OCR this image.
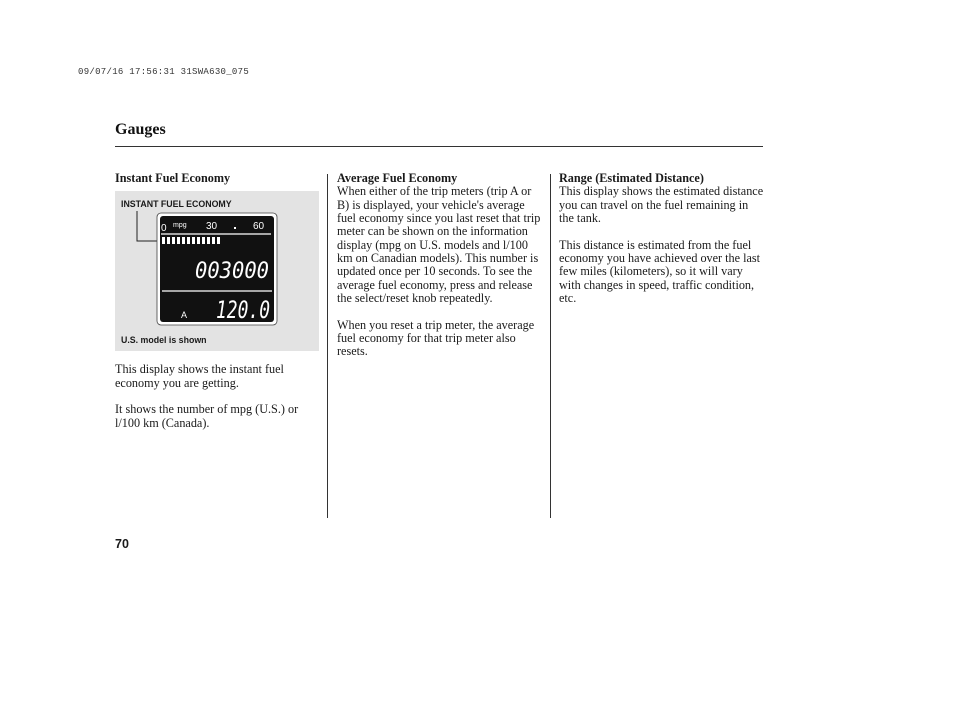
09/07/16 17:56:31 31SWA630_075
Gauges
Instant Fuel Economy
INSTANT FUEL ECONOMY
0 mpg 30	60
003000
A 120.0
U.S. model is shown

This display shows the instant fuel economy you are getting.

It shows the number of mpg (U.S.) or l/100 km (Canada).

Average Fuel Economy

When either of the trip meters (trip A or B) is displayed, your vehicle's average fuel economy since you last reset that trip meter can be shown on the information display (mpg on U.S. models and l/100 km on Canadian models). This number is updated once per 10 seconds. To see the average fuel economy, press and release the select/reset knob repeatedly.

When you reset a trip meter, the average fuel economy for that trip meter also resets.

Range (Estimated Distance)

This display shows the estimated distance you can travel on the fuel remaining in the tank.

This distance is estimated from the fuel economy you have achieved over the last few miles (kilometers), so it will vary with changes in speed, traffic condition, etc.

70
